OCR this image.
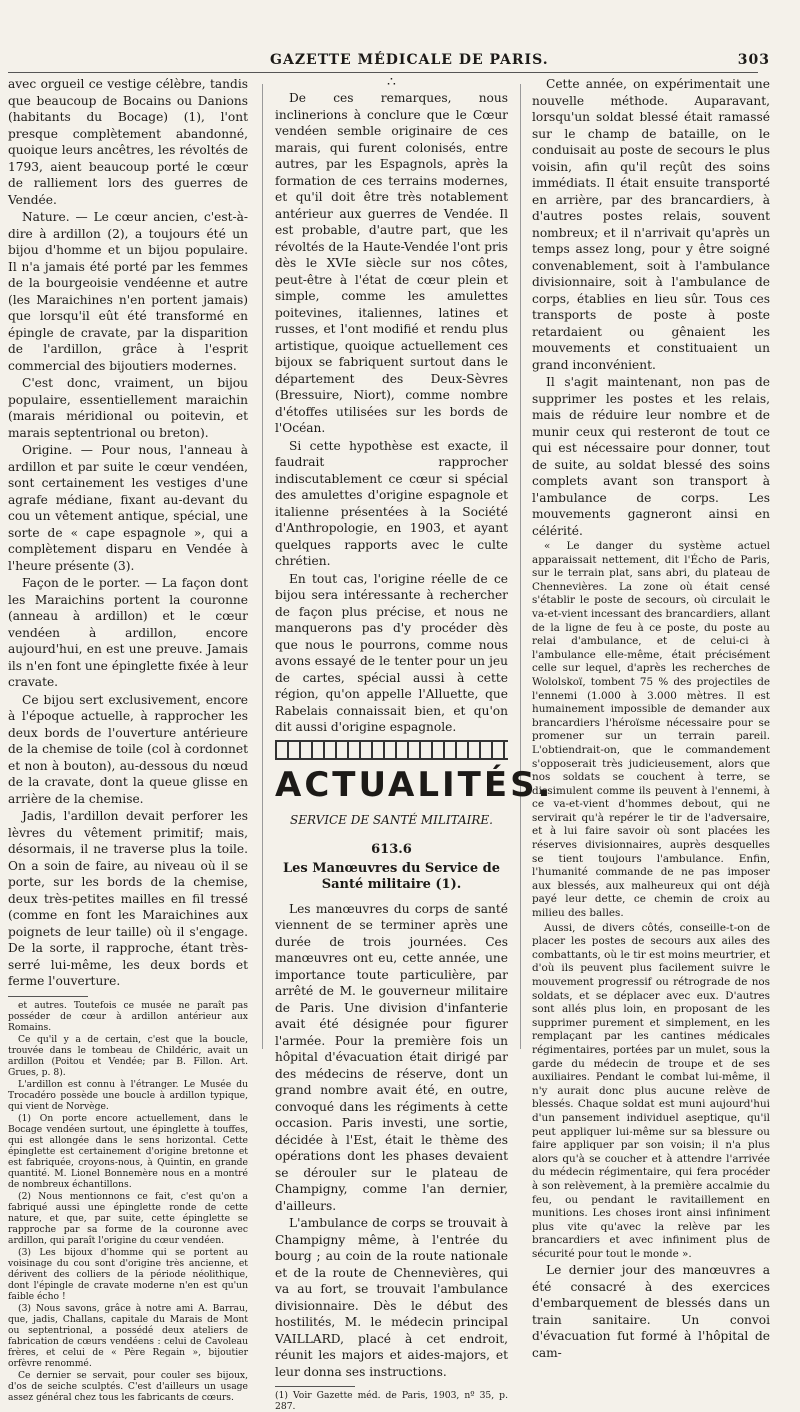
GAZETTE MÉDICALE DE PARIS.	303

avec orgueil ce vestige célèbre, tandis que beaucoup de Bocains ou Danions (habitants du Bocage) (1), l'ont presque complètement abandonné, quoique leurs ancêtres, les révoltés de 1793, aient beaucoup porté le cœur de ralliement lors des guerres de Vendée.

Nature. — Le cœur ancien, c'est-à-dire à ardillon (2), a toujours été un bijou d'homme et un bijou populaire. Il n'a jamais été porté par les femmes de la bourgeoisie vendéenne et autre (les Maraichines n'en portent jamais) que lorsqu'il eût été transformé en épingle de cravate, par la disparition de l'ardillon, grâce à l'esprit commercial des bijoutiers modernes.

C'est donc, vraiment, un bijou populaire, essentiellement maraichin (marais méridional ou poitevin, et marais septentrional ou breton).

Origine. — Pour nous, l'anneau à ardillon et par suite le cœur vendéen, sont certainement les vestiges d'une agrafe médiane, fixant au-devant du cou un vêtement antique, spécial, une sorte de « cape espagnole », qui a complètement disparu en Vendée à l'heure présente (3).

Façon de le porter. — La façon dont les Maraichins portent la couronne (anneau à ardillon) et le cœur vendéen à ardillon, encore aujourd'hui, en est une preuve. Jamais ils n'en font une épinglette fixée à leur cravate.

Ce bijou sert exclusivement, encore à l'époque actuelle, à rapprocher les deux bords de l'ouverture antérieure de la chemise de toile (col à cordonnet et non à bouton), au-dessous du nœud de la cravate, dont la queue glisse en arrière de la chemise.

Jadis, l'ardillon devait perforer les lèvres du vêtement primitif; mais, désormais, il ne traverse plus la toile. On a soin de faire, au niveau où il se porte, sur les bords de la chemise, deux très-petites mailles en fil tressé (comme en font les Maraichines aux poignets de leur taille) où il s'engage. De la sorte, il rapproche, étant très-serré lui-même, les deux bords et ferme l'ouverture.

et autres. Toutefois ce musée ne paraît pas posséder de cœur à ardillon antérieur aux Romains.

Ce qu'il y a de certain, c'est que la boucle, trouvée dans le tombeau de Childéric, avait un ardillon (Poitou et Vendée; par B. Fillon. Art. Grues, p. 8).

L'ardillon est connu à l'étranger. Le Musée du Trocadéro possède une boucle à ardillon typique, qui vient de Norvège.

(1) On porte encore actuellement, dans le Bocage vendéen surtout, une épinglette à touffes, qui est allongée dans le sens horizontal. Cette épinglette est certainement d'origine bretonne et est fabriquée, croyons-nous, à Quintin, en grande quantité. M. Lionel Bonnemère nous en a montré de nombreux échantillons.

(2) Nous mentionnons ce fait, c'est qu'on a fabriqué aussi une épinglette ronde de cette nature, et que, par suite, cette épinglette se rapproche par sa forme de la couronne avec ardillon, qui paraît l'origine du cœur vendéen.

(3) Les bijoux d'homme qui se portent au voisinage du cou sont d'origine très ancienne, et dérivent des colliers de la période néolithique, dont l'épingle de cravate moderne n'en est qu'un faible écho !

(3) Nous savons, grâce à notre ami A. Barrau, que, jadis, Challans, capitale du Marais de Mont ou septentrional, a possédé deux ateliers de fabrication de cœurs vendéens : celui de Cavoleau frères, et celui de « Père Regain », bijoutier orfèvre renommé.

Ce dernier se servait, pour couler ses bijoux, d'os de seiche sculptés. C'est d'ailleurs un usage assez général chez tous les fabricants de cœurs.

∴

De ces remarques, nous inclinerions à conclure que le Cœur vendéen semble originaire de ces marais, qui furent colonisés, entre autres, par les Espagnols, après la formation de ces terrains modernes, et qu'il doit être très notablement antérieur aux guerres de Vendée. Il est probable, d'autre part, que les révoltés de la Haute-Vendée l'ont pris dès le XVIe siècle sur nos côtes, peut-être à l'état de cœur plein et simple, comme les amulettes poitevines, italiennes, latines et russes, et l'ont modifié et rendu plus artistique, quoique actuellement ces bijoux se fabriquent surtout dans le département des Deux-Sèvres (Bressuire, Niort), comme nombre d'étoffes utilisées sur les bords de l'Océan.

Si cette hypothèse est exacte, il faudrait rapprocher indiscutablement ce cœur si spécial des amulettes d'origine espagnole et italienne présentées à la Société d'Anthropologie, en 1903, et ayant quelques rapports avec le culte chrétien.

En tout cas, l'origine réelle de ce bijou sera intéressante à rechercher de façon plus précise, et nous ne manquerons pas d'y procéder dès que nous le pourrons, comme nous avons essayé de le tenter pour un jeu de cartes, spécial aussi à cette région, qu'on appelle l'Alluette, que Rabelais connaissait bien, et qu'on dit aussi d'origine espagnole.

ACTUALITÉS.
SERVICE DE SANTÉ MILITAIRE.
613.6
Les Manœuvres du Service de Santé militaire (1).

Les manœuvres du corps de santé viennent de se terminer après une durée de trois journées. Ces manœuvres ont eu, cette année, une importance toute particulière, par arrêté de M. le gouverneur militaire de Paris. Une division d'infanterie avait été désignée pour figurer l'armée. Pour la première fois un hôpital d'évacuation était dirigé par des médecins de réserve, dont un grand nombre avait été, en outre, convoqué dans les régiments à cette occasion. Paris investi, une sortie, décidée à l'Est, était le thème des opérations dont les phases devaient se dérouler sur le plateau de Champigny, comme l'an dernier, d'ailleurs.

L'ambulance de corps se trouvait à Champigny même, à l'entrée du bourg ; au coin de la route nationale et de la route de Chennevières, qui va au fort, se trouvait l'ambulance divisionnaire. Dès le début des hostilités, M. le médecin principal VAILLARD, placé à cet endroit, réunit les majors et aides-majors, et leur donna ses instructions.

(1) Voir Gazette méd. de Paris, 1903, nº 35, p. 287.

Cette année, on expérimentait une nouvelle méthode. Auparavant, lorsqu'un soldat blessé était ramassé sur le champ de bataille, on le conduisait au poste de secours le plus voisin, afin qu'il reçût des soins immédiats. Il était ensuite transporté en arrière, par des brancardiers, à d'autres postes relais, souvent nombreux; et il n'arrivait qu'après un temps assez long, pour y être soigné convenablement, soit à l'ambulance divisionnaire, soit à l'ambulance de corps, établies en lieu sûr. Tous ces transports de poste à poste retardaient ou gênaient les mouvements et constituaient un grand inconvénient.

Il s'agit maintenant, non pas de supprimer les postes et les relais, mais de réduire leur nombre et de munir ceux qui resteront de tout ce qui est nécessaire pour donner, tout de suite, au soldat blessé des soins complets avant son transport à l'ambulance de corps. Les mouvements gagneront ainsi en célérité.

« Le danger du système actuel apparaissait nettement, dit l'Écho de Paris, sur le terrain plat, sans abri, du plateau de Chennevières. La zone où était censé s'établir le poste de secours, où circulait le va-et-vient incessant des brancardiers, allant de la ligne de feu à ce poste, du poste au relai d'ambulance, et de celui-ci à l'ambulance elle-même, était précisément celle sur lequel, d'après les recherches de Wololskoï, tombent 75 % des projectiles de l'ennemi (1.000 à 3.000 mètres. Il est humainement impossible de demander aux brancardiers l'héroïsme nécessaire pour se promener sur un terrain pareil. L'obtiendrait-on, que le commandement s'opposerait très judicieusement, alors que nos soldats se couchent à terre, se dissimulent comme ils peuvent à l'ennemi, à ce va-et-vient d'hommes debout, qui ne servirait qu'à repérer le tir de l'adversaire, et à lui faire savoir où sont placées les réserves divisionnaires, auprès desquelles se tient toujours l'ambulance. Enfin, l'humanité commande de ne pas imposer aux blessés, aux malheureux qui ont déjà payé leur dette, ce chemin de croix au milieu des balles.

Aussi, de divers côtés, conseille-t-on de placer les postes de secours aux ailes des combattants, où le tir est moins meurtrier, et d'où ils peuvent plus facilement suivre le mouvement progressif ou rétrograde de nos soldats, et se déplacer avec eux. D'autres sont allés plus loin, en proposant de les supprimer purement et simplement, en les remplaçant par les cantines médicales régimentaires, portées par un mulet, sous la garde du médecin de troupe et de ses auxiliaires. Pendant le combat lui-même, il n'y aurait donc plus aucune relève de blessés. Chaque soldat est muni aujourd'hui d'un pansement individuel aseptique, qu'il peut appliquer lui-même sur sa blessure ou faire appliquer par son voisin; il n'a plus alors qu'à se coucher et à attendre l'arrivée du médecin régimentaire, qui fera procéder à son relèvement, à la première accalmie du feu, ou pendant le ravitaillement en munitions. Les choses iront ainsi infiniment plus vite qu'avec la relève par les brancardiers et avec infiniment plus de sécurité pour tout le monde ».

Le dernier jour des manœuvres a été consacré à des exercices d'embarquement de blessés dans un train sanitaire. Un convoi d'évacuation fut formé à l'hôpital de cam-
